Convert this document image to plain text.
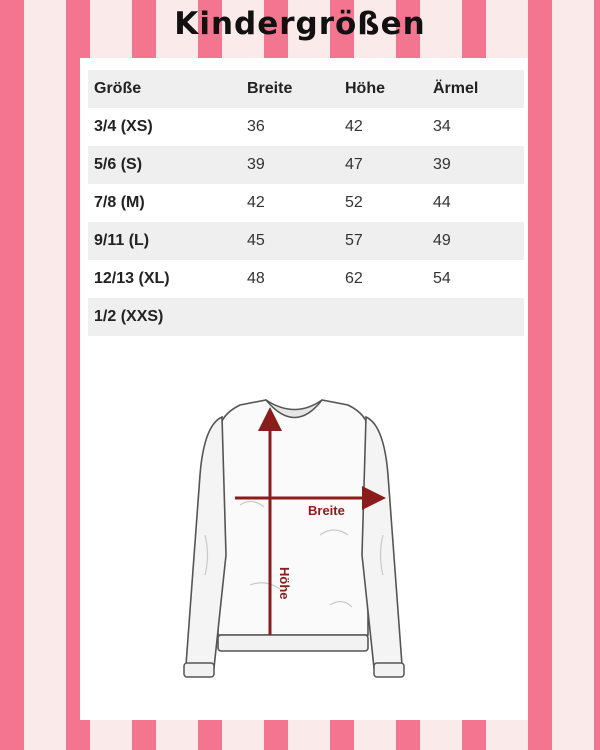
Kindergrößen
Größe	Breite	Höhe	Ärmel
3/4 (XS)	36	42	34
5/6 (S)	39	47	39
7/8 (M)	42	52	44
9/11 (L)	45	57	49
12/13 (XL)	48	62	54
1/2 (XXS)			
Breite
Höhe
